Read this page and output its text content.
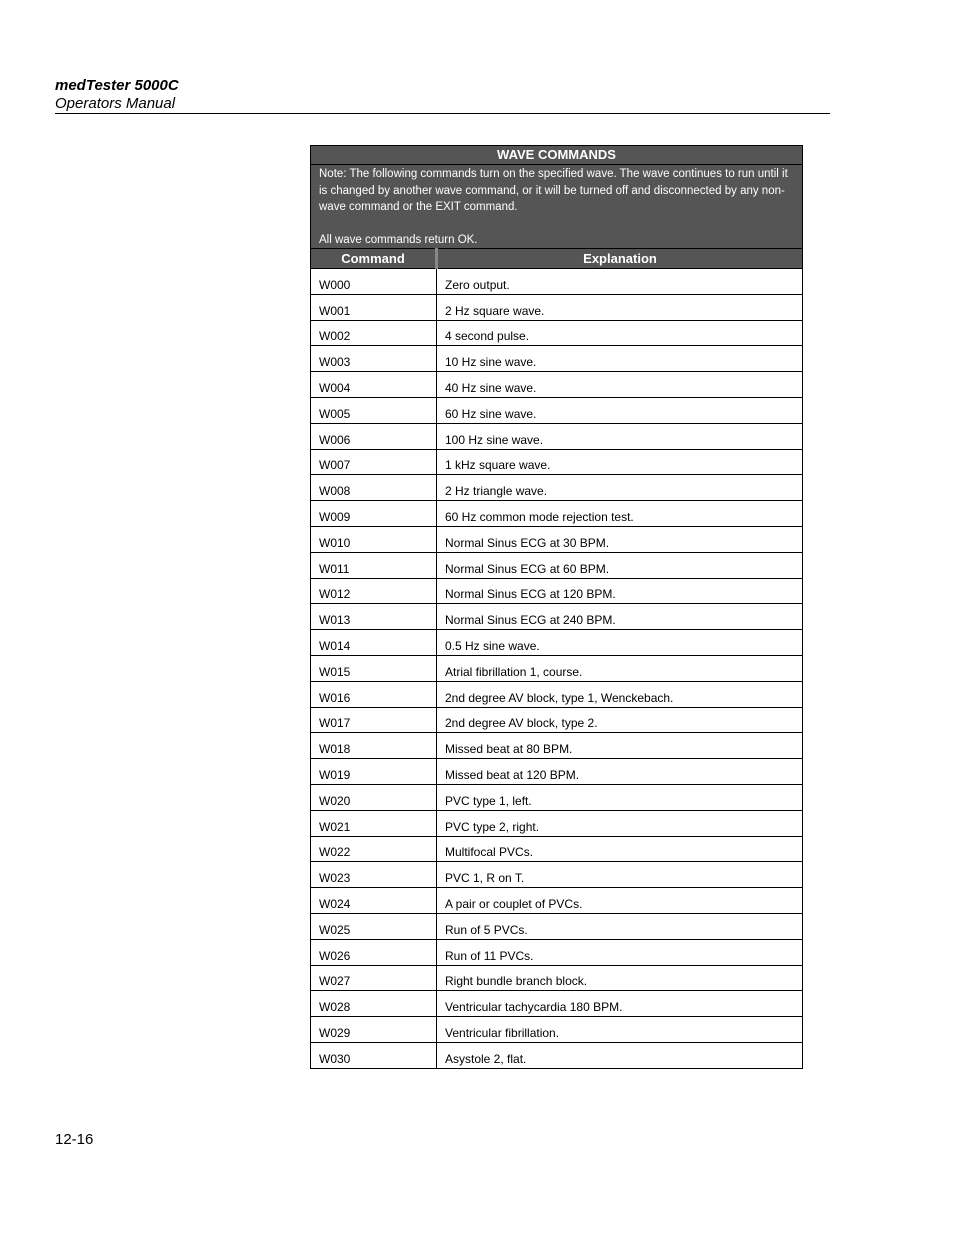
medTester 5000C
Operators Manual
WAVE COMMANDS	

Note: The following commands turn on the specified wave. The wave continues to run until it is changed by another wave command, or it will be turned off and disconnected by any non-wave command or the EXIT command.

All wave commands return OK.	

Command	Explanation
W000	Zero output.
W001	2 Hz square wave.
W002	4 second pulse.
W003	10 Hz sine wave.
W004	40 Hz sine wave.
W005	60 Hz sine wave.
W006	100 Hz sine wave.
W007	1 kHz square wave.
W008	2 Hz triangle wave.
W009	60 Hz common mode rejection test.
W010	Normal Sinus ECG at 30 BPM.
W011	Normal Sinus ECG at 60 BPM.
W012	Normal Sinus ECG at 120 BPM.
W013	Normal Sinus ECG at 240 BPM.
W014	0.5 Hz sine wave.
W015	Atrial fibrillation 1, course.
W016	2nd degree AV block, type 1, Wenckebach.
W017	2nd degree AV block, type 2.
W018	Missed beat at 80 BPM.
W019	Missed beat at 120 BPM.
W020	PVC type 1, left.
W021	PVC type 2, right.
W022	Multifocal PVCs.
W023	PVC 1, R on T.
W024	A pair or couplet of PVCs.
W025	Run of 5 PVCs.
W026	Run of 11 PVCs.
W027	Right bundle branch block.
W028	Ventricular tachycardia 180 BPM.
W029	Ventricular fibrillation.
W030	Asystole 2, flat.
12-16
